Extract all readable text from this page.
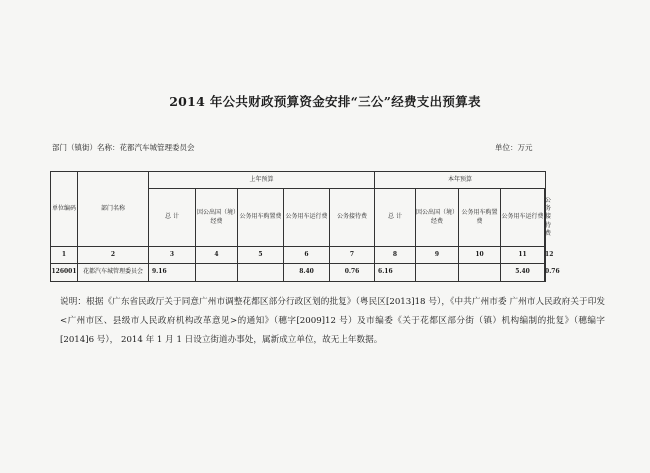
2014 年公共财政预算资金安排“三公”经费支出预算表
部门（镇街）名称：花都汽车城管理委员会	单位：万元
单位编码	部门名称	上年预算					本年预算				
		总 计	因公出国（境）经费	公务用车购置费	公务用车运行费	公务接待费	总 计	因公出国（境）经费	公务用车购置费	公务用车运行费	公务接待费
1	2	3	4	5	6	7	8	9	10	11	12
126001	花都汽车城管理委员会	9.16			8.40	0.76	6.16			5.40	0.76
说明：根据《广东省民政厅关于同意广州市调整花都区部分行政区划的批复》（粤民区[2013]18 号），《中共广州市委 广州市人民政府关于印发<广州市区、县级市人民政府机构改革意见>的通知》（穗字[2009]12 号）及市编委《关于花都区部分街（镇）机构编制的批复》（穗编字[2014]6 号）， 2014 年 1 月 1 日设立街道办事处，属新成立单位，故无上年数据。
